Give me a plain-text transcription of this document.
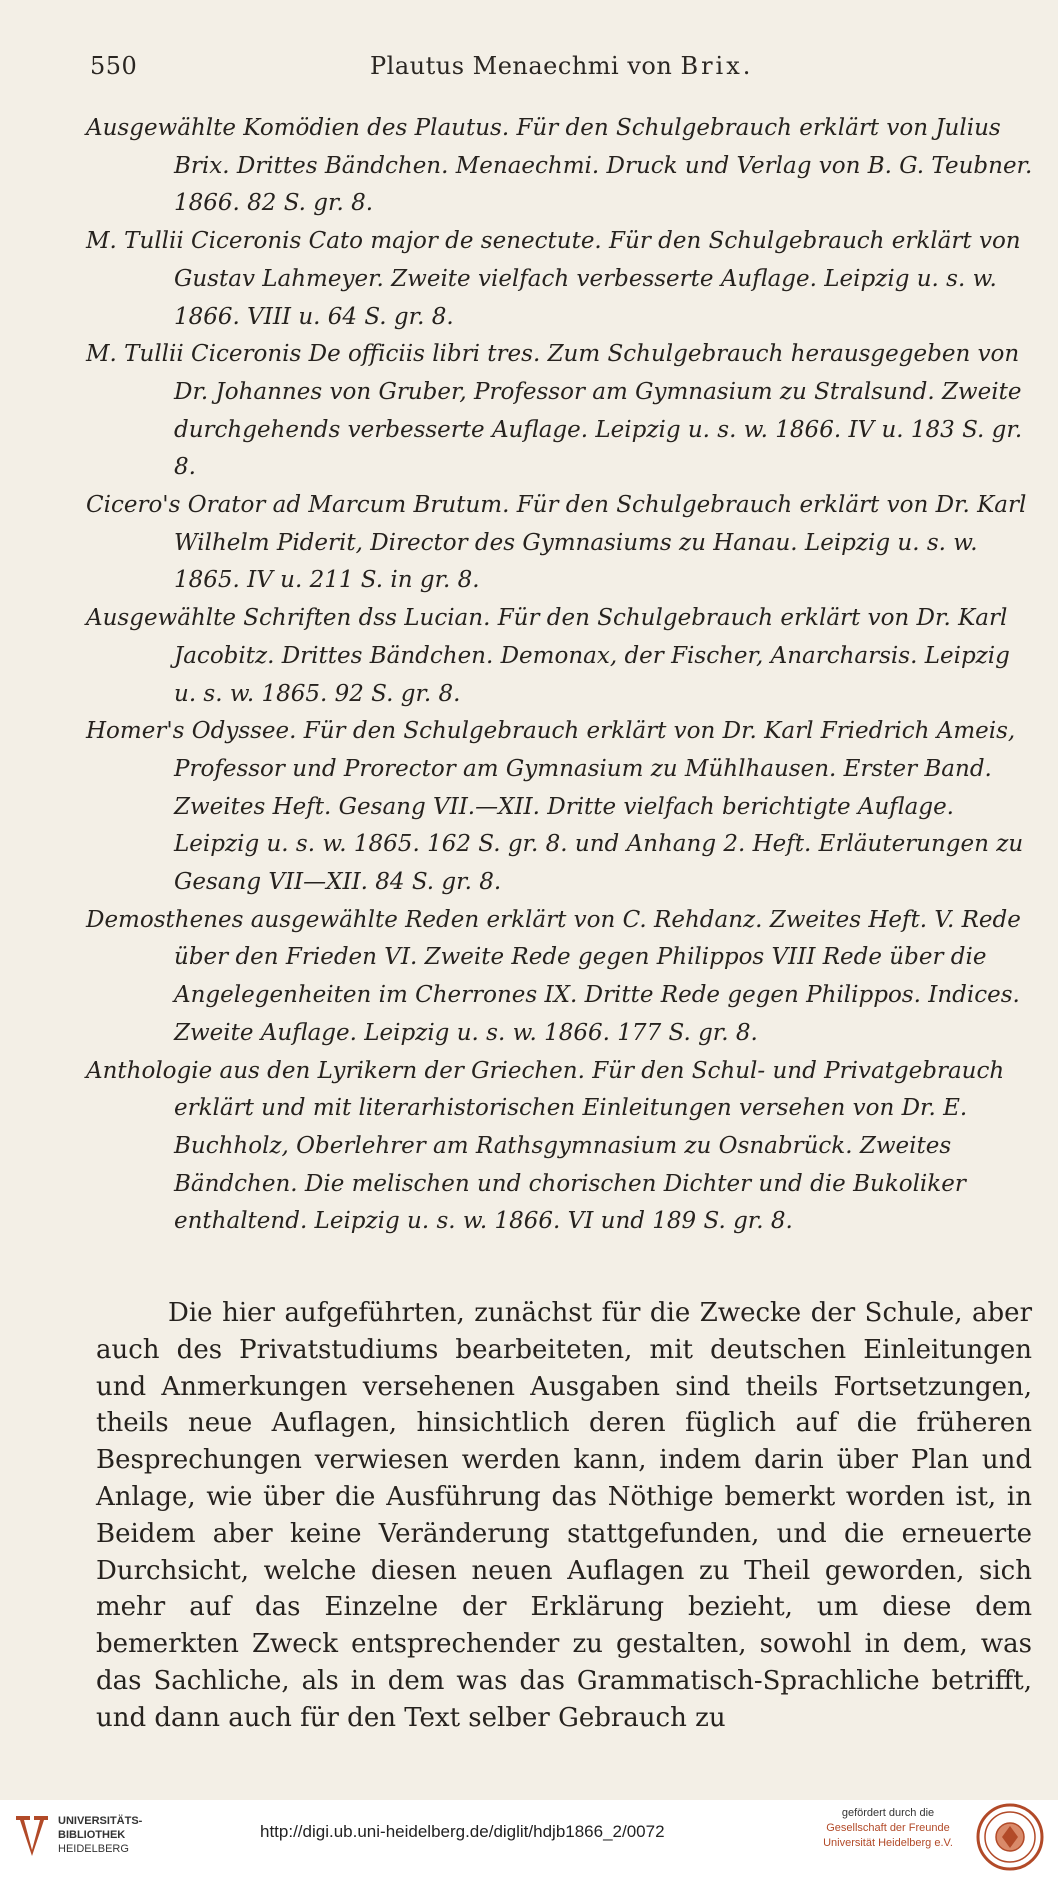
550	Plautus Menaechmi von Brix.

Ausgewählte Komödien des Plautus. Für den Schulgebrauch erklärt von Julius Brix. Drittes Bändchen. Menaechmi. Druck und Verlag von B. G. Teubner. 1866. 82 S. gr. 8.

M. Tullii Ciceronis Cato major de senectute. Für den Schulgebrauch erklärt von Gustav Lahmeyer. Zweite vielfach verbesserte Auflage. Leipzig u. s. w. 1866. VIII u. 64 S. gr. 8.

M. Tullii Ciceronis De officiis libri tres. Zum Schulgebrauch herausgegeben von Dr. Johannes von Gruber, Professor am Gymnasium zu Stralsund. Zweite durchgehends verbesserte Auflage. Leipzig u. s. w. 1866. IV u. 183 S. gr. 8.

Cicero's Orator ad Marcum Brutum. Für den Schulgebrauch erklärt von Dr. Karl Wilhelm Piderit, Director des Gymnasiums zu Hanau. Leipzig u. s. w. 1865. IV u. 211 S. in gr. 8.

Ausgewählte Schriften dss Lucian. Für den Schulgebrauch erklärt von Dr. Karl Jacobitz. Drittes Bändchen. Demonax, der Fischer, Anarcharsis. Leipzig u. s. w. 1865. 92 S. gr. 8.

Homer's Odyssee. Für den Schulgebrauch erklärt von Dr. Karl Friedrich Ameis, Professor und Prorector am Gymnasium zu Mühlhausen. Erster Band. Zweites Heft. Gesang VII.—XII. Dritte vielfach berichtigte Auflage. Leipzig u. s. w. 1865. 162 S. gr. 8. und Anhang 2. Heft. Erläuterungen zu Gesang VII—XII. 84 S. gr. 8.

Demosthenes ausgewählte Reden erklärt von C. Rehdanz. Zweites Heft. V. Rede über den Frieden VI. Zweite Rede gegen Philippos VIII Rede über die Angelegenheiten im Cherrones IX. Dritte Rede gegen Philippos. Indices. Zweite Auflage. Leipzig u. s. w. 1866. 177 S. gr. 8.

Anthologie aus den Lyrikern der Griechen. Für den Schul- und Privatgebrauch erklärt und mit literarhistorischen Einleitungen versehen von Dr. E. Buchholz, Oberlehrer am Rathsgymnasium zu Osnabrück. Zweites Bändchen. Die melischen und chorischen Dichter und die Bukoliker enthaltend. Leipzig u. s. w. 1866. VI und 189 S. gr. 8.

Die hier aufgeführten, zunächst für die Zwecke der Schule, aber auch des Privatstudiums bearbeiteten, mit deutschen Einleitungen und Anmerkungen versehenen Ausgaben sind theils Fortsetzungen, theils neue Auflagen, hinsichtlich deren füglich auf die früheren Besprechungen verwiesen werden kann, indem darin über Plan und Anlage, wie über die Ausführung das Nöthige bemerkt worden ist, in Beidem aber keine Veränderung stattgefunden, und die erneuerte Durchsicht, welche diesen neuen Auflagen zu Theil geworden, sich mehr auf das Einzelne der Erklärung bezieht, um diese dem bemerkten Zweck entsprechender zu gestalten, sowohl in dem, was das Sachliche, als in dem was das Grammatisch-Sprachliche betrifft, und dann auch für den Text selber Gebrauch zu

UNIVERSITÄTS-
BIBLIOTHEK
HEIDELBERG
http://digi.ub.uni-heidelberg.de/diglit/hdjb1866_2/0072
gefördert durch die
Gesellschaft der Freunde
Universität Heidelberg e.V.
